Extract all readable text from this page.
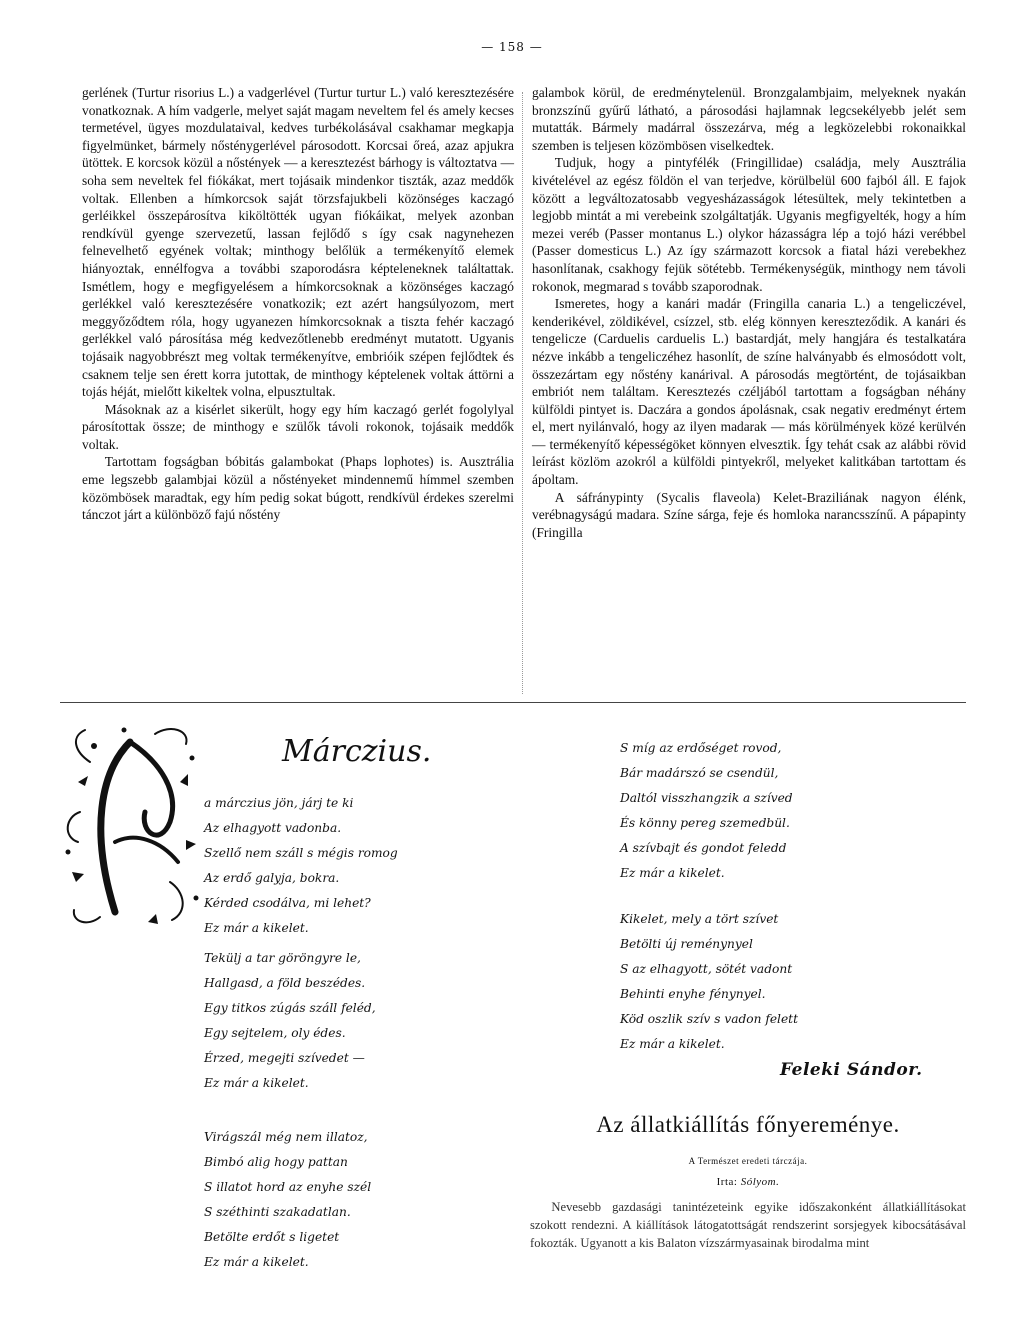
— 158 —

gerlének (Turtur risorius L.) a vadgerlével (Turtur turtur L.) való keresztezésére vonatkoznak. A hím vadgerle, melyet saját magam neveltem fel és amely kecses termetével, ügyes mozdulataival, kedves turbékolásával csakhamar megkapja figyelmünket, bármely nősténygerlével párosodott. Korcsai őreá, azaz apjukra ütöttek. E korcsok közül a nőstények — a keresztezést bárhogy is változtatva — soha sem neveltek fel fiókákat, mert tojásaik mindenkor tiszták, azaz meddők voltak. Ellenben a hímkorcsok saját törzsfajukbeli közönséges kaczagó gerléikkel összepárosítva kiköltötték ugyan fiókáikat, melyek azonban rendkívül gyenge szervezetű, lassan fejlődő s így csak nagynehezen felnevelhető egyének voltak; minthogy belőlük a termékenyítő elemek hiányoztak, ennélfogva a további szaporodásra képteleneknek találtattak. Ismétlem, hogy e megfigyelésem a hímkorcsoknak a közönséges kaczagó gerlékkel való keresztezésére vonatkozik; ezt azért hangsúlyozom, mert meggyőződtem róla, hogy ugyanezen hímkorcsoknak a tiszta fehér kaczagó gerlékkel való párosítása még kedvezőtlenebb eredményt mutatott. Ugyanis tojásaik nagyobbrészt meg voltak termékenyítve, embrióik szépen fejlődtek és csaknem telje sen érett korra jutottak, de minthogy képtelenek voltak áttörni a tojás héját, mielőtt kikeltek volna, elpusztultak.

Másoknak az a kisérlet sikerült, hogy egy hím kaczagó gerlét fogolylyal párosítottak össze; de minthogy e szülők távoli rokonok, tojásaik meddők voltak.

Tartottam fogságban bóbitás galambokat (Phaps lophotes) is. Ausztrália eme legszebb galambjai közül a nőstényeket mindennemű hímmel szemben közömbösek maradtak, egy hím pedig sokat búgott, rendkívül érdekes szerelmi tánczot járt a különböző fajú nőstény

galambok körül, de eredménytelenül. Bronzgalambjaim, melyeknek nyakán bronzszínű gyűrű látható, a párosodási hajlamnak legcsekélyebb jelét sem mutatták. Bármely madárral összezárva, még a legközelebbi rokonaikkal szemben is teljesen közömbösen viselkedtek.

Tudjuk, hogy a pintyfélék (Fringillidae) családja, mely Ausztrália kivételével az egész földön el van terjedve, körülbelül 600 fajból áll. E fajok között a legváltozatosabb vegyesházasságok létesültek, mely tekintetben a legjobb mintát a mi verebeink szolgáltatják. Ugyanis megfigyelték, hogy a hím mezei veréb (Passer montanus L.) olykor házasságra lép a tojó házi verébbel (Passer domesticus L.) Az így származott korcsok a fiatal házi verebekhez hasonlítanak, csakhogy fejük sötétebb. Termékenységük, minthogy nem távoli rokonok, megmarad s tovább szaporodnak.

Ismeretes, hogy a kanári madár (Fringilla canaria L.) a tengeliczével, kenderikével, zöldikével, csízzel, stb. elég könnyen kereszteződik. A kanári és tengelicze (Carduelis carduelis L.) bastardját, mely hangjára és testalkatára nézve inkább a tengeliczéhez hasonlít, de színe halványabb és elmosódott volt, összezártam egy nőstény kanárival. A párosodás megtörtént, de tojásaikban embriót nem találtam. Keresztezés czéljából tartottam a fogságban néhány külföldi pintyet is. Daczára a gondos ápolásnak, csak negativ eredményt értem el, mert nyilánvaló, hogy az ilyen madarak — más körülmények közé kerülvén — termékenyítő képességöket könnyen elvesztik. Így tehát csak az alábbi rövid leírást közlöm azokról a külföldi pintyekről, melyeket kalitkában tartottam és ápoltam.

A sáfránypinty (Sycalis flaveola) Kelet-Braziliának nagyon élénk, verébnagyságú madara. Színe sárga, feje és homloka narancsszínű. A pápapinty (Fringilla

Márczius.

a márczius jön, járj te ki

Az elhagyott vadonba.

Szellő nem száll s mégis romog

Az erdő galyja, bokra.

Kérded csodálva, mi lehet?

Ez már a kikelet.

Tekülj a tar göröngyre le,

Hallgasd, a föld beszédes.

Egy titkos zúgás száll feléd,

Egy sejtelem, oly édes.

Érzed, megejti szívedet —

Ez már a kikelet.

Virágszál még nem illatoz,

Bimbó alig hogy pattan

S illatot hord az enyhe szél

S széthinti szakadatlan.

Betölte erdőt s ligetet

Ez már a kikelet.

S míg az erdőséget rovod,

Bár madárszó se csendül,

Daltól visszhangzik a szíved

És könny pereg szemedbül.

A szívbajt és gondot feledd

Ez már a kikelet.

Kikelet, mely a tört szívet

Betölti új reménynyel

S az elhagyott, sötét vadont

Behinti enyhe fénynyel.

Köd oszlik szív s vadon felett

Ez már a kikelet.

Feleki Sándor.
Az állatkiállítás főnyereménye.
A Természet eredeti tárczája.
Irta: Sólyom.

Nevesebb gazdasági tanintézeteink egyike időszakonként állatkiállításokat szokott rendezni. A kiállítások látogatottságát rendszerint sorsjegyek kibocsátásával fokozták. Ugyanott a kis Balaton vízszármyasainak birodalma mint
